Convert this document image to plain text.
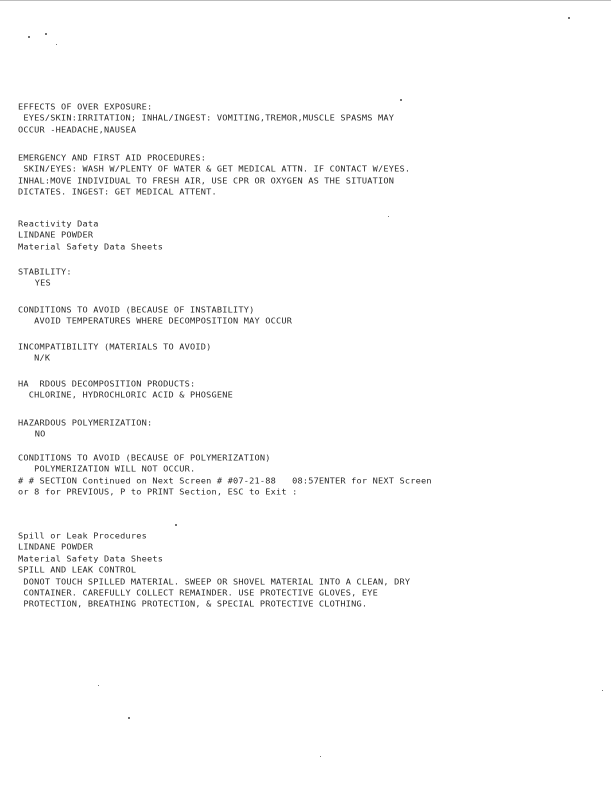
EFFECTS OF OVER EXPOSURE:
EYES/SKIN:IRRITATION; INHAL/INGEST: VOMITING,TREMOR,MUSCLE SPASMS MAY
OCCUR -HEADACHE,NAUSEA
EMERGENCY AND FIRST AID PROCEDURES:
SKIN/EYES: WASH W/PLENTY OF WATER & GET MEDICAL ATTN. IF CONTACT W/EYES.
INHAL:MOVE INDIVIDUAL TO FRESH AIR, USE CPR OR OXYGEN AS THE SITUATION
DICTATES. INGEST: GET MEDICAL ATTENT.
Reactivity Data
LINDANE POWDER
Material Safety Data Sheets
STABILITY:
YES
CONDITIONS TO AVOID (BECAUSE OF INSTABILITY)
AVOID TEMPERATURES WHERE DECOMPOSITION MAY OCCUR
INCOMPATIBILITY (MATERIALS TO AVOID)
N/K
HA  RDOUS DECOMPOSITION PRODUCTS:
CHLORINE, HYDROCHLORIC ACID & PHOSGENE
HAZARDOUS POLYMERIZATION:
NO
CONDITIONS TO AVOID (BECAUSE OF POLYMERIZATION)
POLYMERIZATION WILL NOT OCCUR.
# # SECTION Continued on Next Screen # #07-21-88   08:57ENTER for NEXT Screen
or 8 for PREVIOUS, P to PRINT Section, ESC to Exit :
Spill or Leak Procedures
LINDANE POWDER
Material Safety Data Sheets
SPILL AND LEAK CONTROL
DONOT TOUCH SPILLED MATERIAL. SWEEP OR SHOVEL MATERIAL INTO A CLEAN, DRY
CONTAINER. CAREFULLY COLLECT REMAINDER. USE PROTECTIVE GLOVES, EYE
PROTECTION, BREATHING PROTECTION, & SPECIAL PROTECTIVE CLOTHING.
